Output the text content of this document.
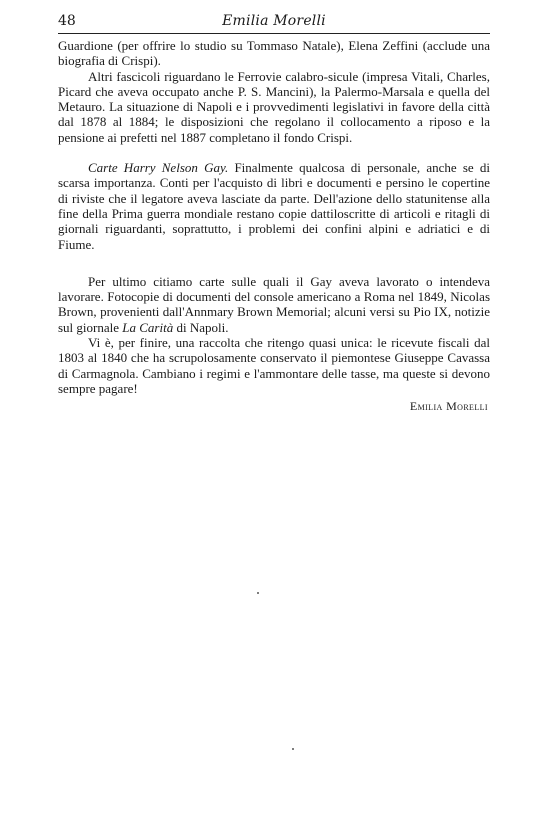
48	Emilia Morelli

Guardione (per offrire lo studio su Tommaso Natale), Elena Zeffini (acclude una biografia di Crispi).

Altri fascicoli riguardano le Ferrovie calabro-sicule (impresa Vitali, Charles, Picard che aveva occupato anche P. S. Mancini), la Palermo-Marsala e quella del Metauro. La situazione di Napoli e i provvedimenti legislativi in favore della città dal 1878 al 1884; le disposizioni che regolano il collocamento a riposo e la pensione ai prefetti nel 1887 completano il fondo Crispi.

Carte Harry Nelson Gay. Finalmente qualcosa di personale, anche se di scarsa importanza. Conti per l'acquisto di libri e documenti e persino le copertine di riviste che il legatore aveva lasciate da parte. Dell'azione dello statunitense alla fine della Prima guerra mondiale restano copie dattiloscritte di articoli e ritagli di giornali riguardanti, soprattutto, i problemi dei confini alpini e adriatici e di Fiume.

Per ultimo citiamo carte sulle quali il Gay aveva lavorato o intendeva lavorare. Fotocopie di documenti del console americano a Roma nel 1849, Nicolas Brown, provenienti dall'Annmary Brown Memorial; alcuni versi su Pio IX, notizie sul giornale La Carità di Napoli.

Vi è, per finire, una raccolta che ritengo quasi unica: le ricevute fiscali dal 1803 al 1840 che ha scrupolosamente conservato il piemontese Giuseppe Cavassa di Carmagnola. Cambiano i regimi e l'ammontare delle tasse, ma queste si devono sempre pagare!

Emilia Morelli
